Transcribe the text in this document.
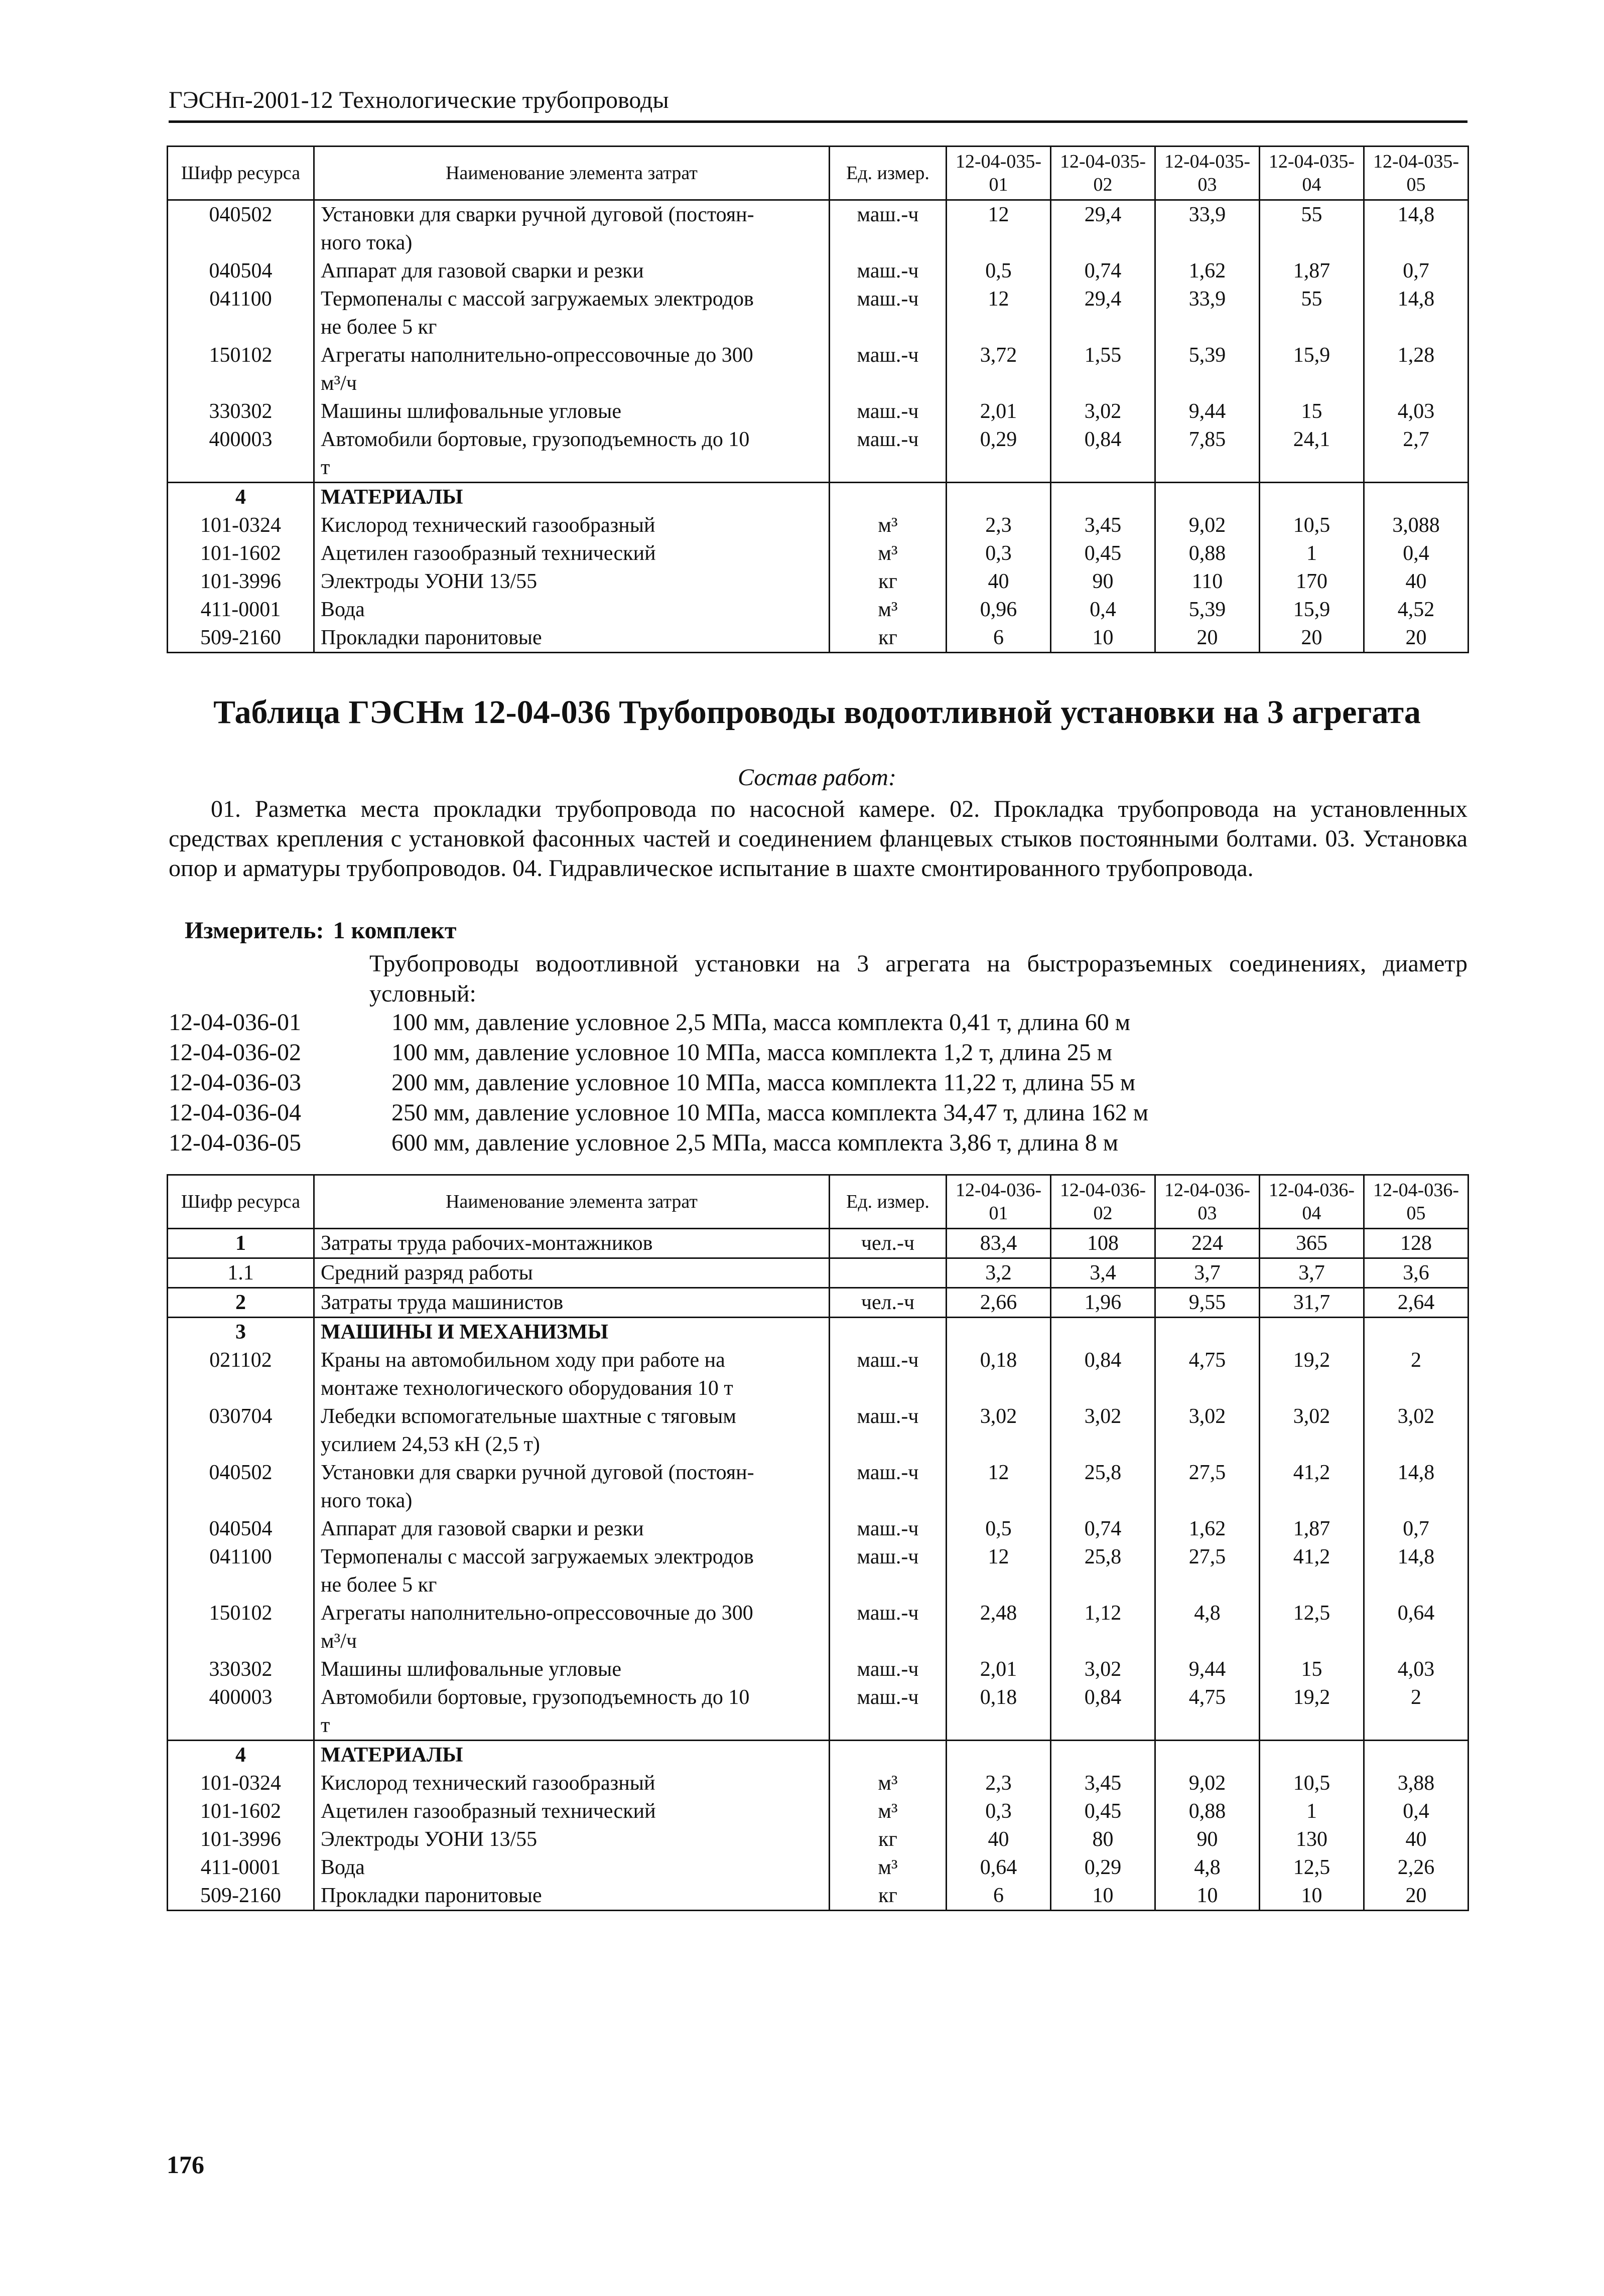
ГЭСНп-2001-12 Технологические трубопроводы
Шифр ресурса	Наименование элемента затрат	Ед. измер.	12-04-035-01	12-04-035-02	12-04-035-03	12-04-035-04	12-04-035-05
040502	Установки для сварки ручной дуговой (постоян-	маш.-ч	12	29,4	33,9	55	14,8
	ного тока)						
040504	Аппарат для газовой сварки и резки	маш.-ч	0,5	0,74	1,62	1,87	0,7
041100	Термопеналы с массой загружаемых электродов	маш.-ч	12	29,4	33,9	55	14,8
	не более 5 кг						
150102	Агрегаты наполнительно-опрессовочные до 300	маш.-ч	3,72	1,55	5,39	15,9	1,28
	м³/ч						
330302	Машины шлифовальные угловые	маш.-ч	2,01	3,02	9,44	15	4,03
400003	Автомобили бортовые, грузоподъемность до 10	маш.-ч	0,29	0,84	7,85	24,1	2,7
	т						
4	МАТЕРИАЛЫ						
101-0324	Кислород технический газообразный	м³	2,3	3,45	9,02	10,5	3,088
101-1602	Ацетилен газообразный технический	м³	0,3	0,45	0,88	1	0,4
101-3996	Электроды УОНИ 13/55	кг	40	90	110	170	40
411-0001	Вода	м³	0,96	0,4	5,39	15,9	4,52
509-2160	Прокладки паронитовые	кг	6	10	20	20	20
Таблица ГЭСНм 12-04-036 Трубопроводы водоотливной установки на 3 агрегата
Состав работ:
01. Разметка места прокладки трубопровода по насосной камере. 02. Прокладка трубопровода на установленных средствах крепления с установкой фасонных частей и соединением фланцевых стыков постоянными болтами. 03. Установка опор и арматуры трубопроводов. 04. Гидравлическое испытание в шахте смонтированного трубопровода.
Измеритель: 1 комплект
Трубопроводы водоотливной установки на 3 агрегата на быстроразъемных соединениях, диаметр условный:
12-04-036-01	100 мм, давление условное 2,5 МПа, масса комплекта 0,41 т, длина 60 м
12-04-036-02	100 мм, давление условное 10 МПа, масса комплекта 1,2 т, длина 25 м
12-04-036-03	200 мм, давление условное 10 МПа, масса комплекта 11,22 т, длина 55 м
12-04-036-04	250 мм, давление условное 10 МПа, масса комплекта 34,47 т, длина 162 м
12-04-036-05	600 мм, давление условное 2,5 МПа, масса комплекта 3,86 т, длина 8 м
Шифр ресурса	Наименование элемента затрат	Ед. измер.	12-04-036-01	12-04-036-02	12-04-036-03	12-04-036-04	12-04-036-05
1	Затраты труда рабочих-монтажников	чел.-ч	83,4	108	224	365	128
1.1	Средний разряд работы		3,2	3,4	3,7	3,7	3,6
2	Затраты труда машинистов	чел.-ч	2,66	1,96	9,55	31,7	2,64
3	МАШИНЫ И МЕХАНИЗМЫ						
021102	Краны на автомобильном ходу при работе на	маш.-ч	0,18	0,84	4,75	19,2	2
	монтаже технологического оборудования 10 т						
030704	Лебедки вспомогательные шахтные с тяговым	маш.-ч	3,02	3,02	3,02	3,02	3,02
	усилием 24,53 кН (2,5 т)						
040502	Установки для сварки ручной дуговой (постоян-	маш.-ч	12	25,8	27,5	41,2	14,8
	ного тока)						
040504	Аппарат для газовой сварки и резки	маш.-ч	0,5	0,74	1,62	1,87	0,7
041100	Термопеналы с массой загружаемых электродов	маш.-ч	12	25,8	27,5	41,2	14,8
	не более 5 кг						
150102	Агрегаты наполнительно-опрессовочные до 300	маш.-ч	2,48	1,12	4,8	12,5	0,64
	м³/ч						
330302	Машины шлифовальные угловые	маш.-ч	2,01	3,02	9,44	15	4,03
400003	Автомобили бортовые, грузоподъемность до 10	маш.-ч	0,18	0,84	4,75	19,2	2
	т						
4	МАТЕРИАЛЫ						
101-0324	Кислород технический газообразный	м³	2,3	3,45	9,02	10,5	3,88
101-1602	Ацетилен газообразный технический	м³	0,3	0,45	0,88	1	0,4
101-3996	Электроды УОНИ 13/55	кг	40	80	90	130	40
411-0001	Вода	м³	0,64	0,29	4,8	12,5	2,26
509-2160	Прокладки паронитовые	кг	6	10	10	10	20
176
